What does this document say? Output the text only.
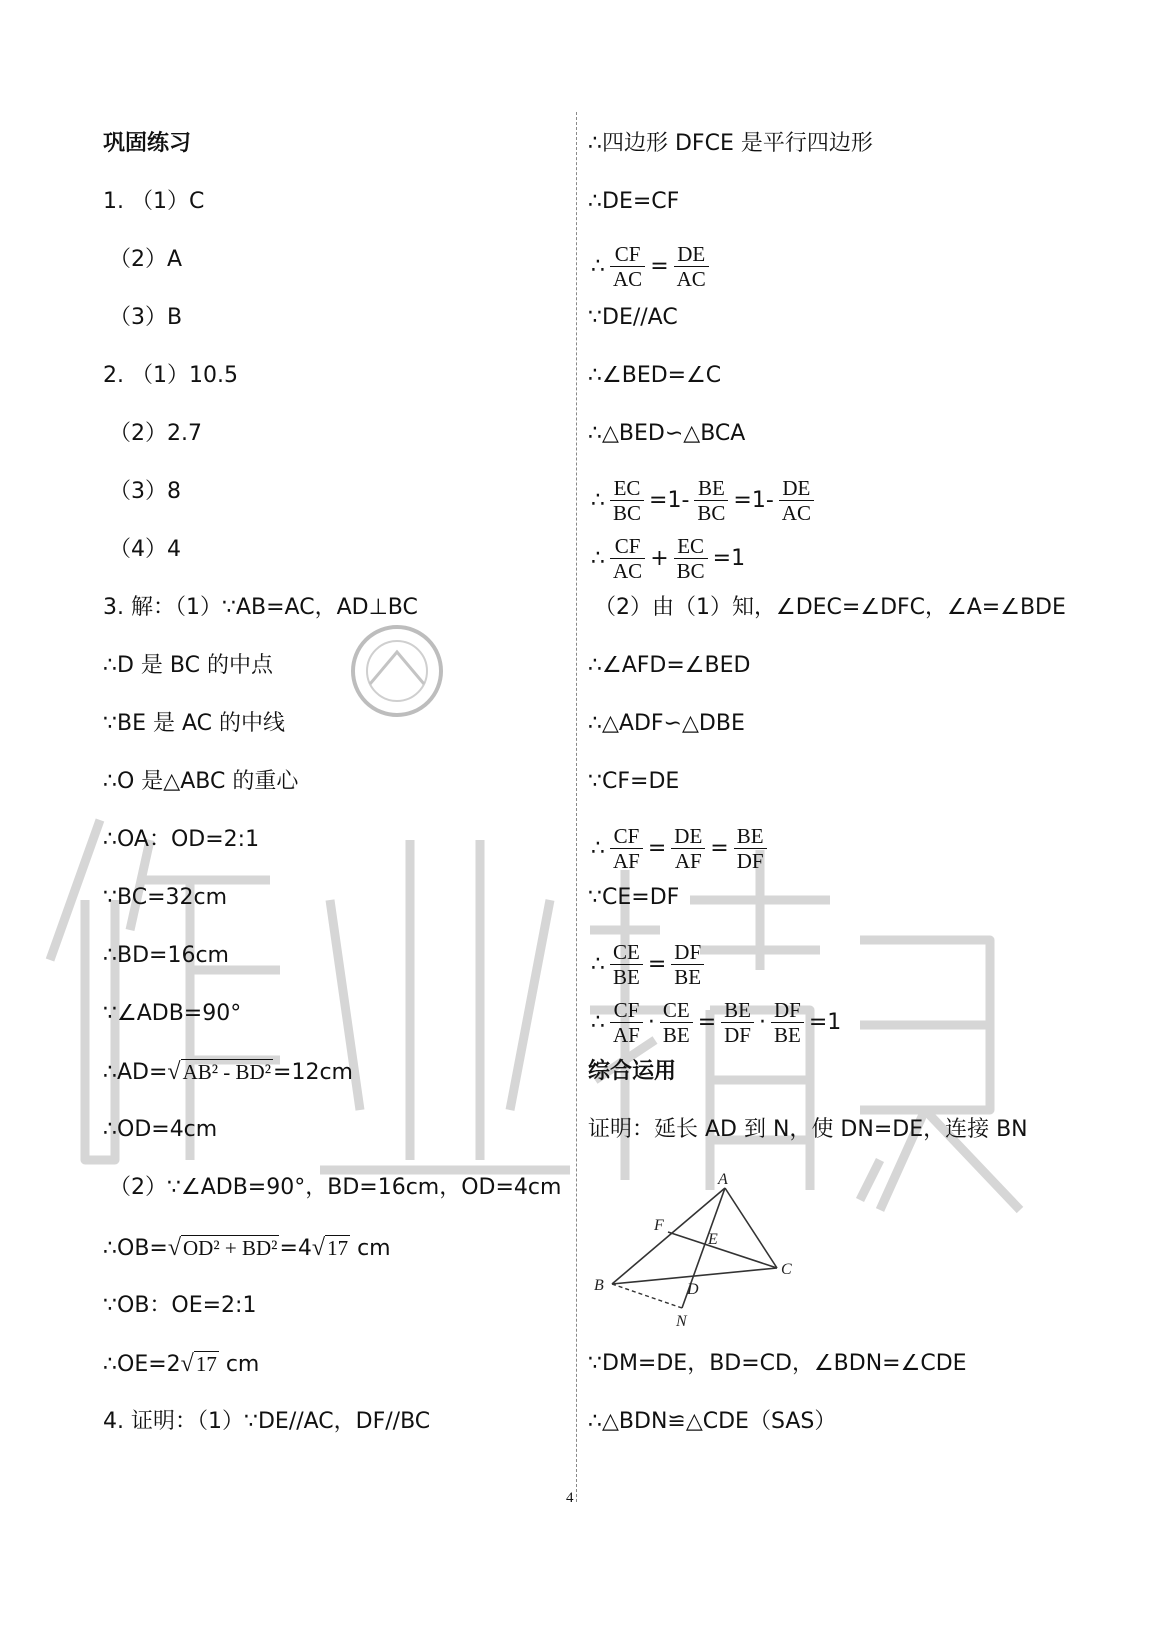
巩固练习
1. （1）C
（2）A
（3）B
2. （1）10.5
（2）2.7
（3）8
（4）4
3. 解：（1）∵AB=AC，AD⊥BC
∴D 是 BC 的中点
∵BE 是 AC 的中线
∴O 是△ABC 的重心
∴OA：OD=2:1
∵BC=32cm
∴BD=16cm
∵∠ADB=90°
∴AD=√AB² - BD²=12cm
∴OD=4cm
（2）∵∠ADB=90°，BD=16cm，OD=4cm
∴OB=√OD² + BD²=4√17 cm
∵OB：OE=2:1
∴OE=2√17 cm
4. 证明：（1）∵DE//AC，DF//BC
∴四边形 DFCE 是平行四边形
∴DE=CF
∴ $\frac{CF}{AC} = \frac{DE}{AC}$
∵DE//AC
∴∠BED=∠C
∴△BED∽△BCA
∴ $\frac{EC}{BC} =1- \frac{BE}{BC} =1- \frac{DE}{AC}$
∴ $\frac{CF}{AC} + \frac{EC}{BC} =1$
（2）由（1）知，∠DEC=∠DFC，∠A=∠BDE
∴∠AFD=∠BED
∴△ADF∽△DBE
∵CF=DE
∴ $\frac{CF}{AF} = \frac{DE}{AF} = \frac{BE}{DF}$
∵CE=DF
∴ $\frac{CE}{BE} = \frac{DF}{BE}$
∴ $\frac{CF}{AF} \cdot \frac{CE}{BE} = \frac{BE}{DF} \cdot \frac{DF}{BE} =1$
综合运用
证明：延长 AD 到 N，使 DN=DE，连接 BN
A
B
C
D
E
F
N
∵DM=DE，BD=CD，∠BDN=∠CDE
∴△BDN≌△CDE（SAS）
4
